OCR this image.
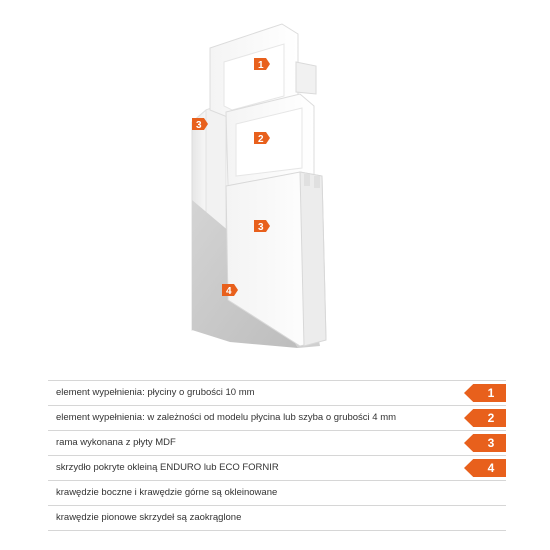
1
2
3
3
4
element wypełnienia: płyciny o grubości 10 mm	1
element wypełnienia: w zależności od modelu płycina lub szyba o grubości 4 mm	2
rama wykonana z płyty MDF	3
skrzydło pokryte okleiną ENDURO lub ECO FORNIR	4
krawędzie boczne i krawędzie górne są okleinowane
krawędzie pionowe skrzydeł są zaokrąglone
